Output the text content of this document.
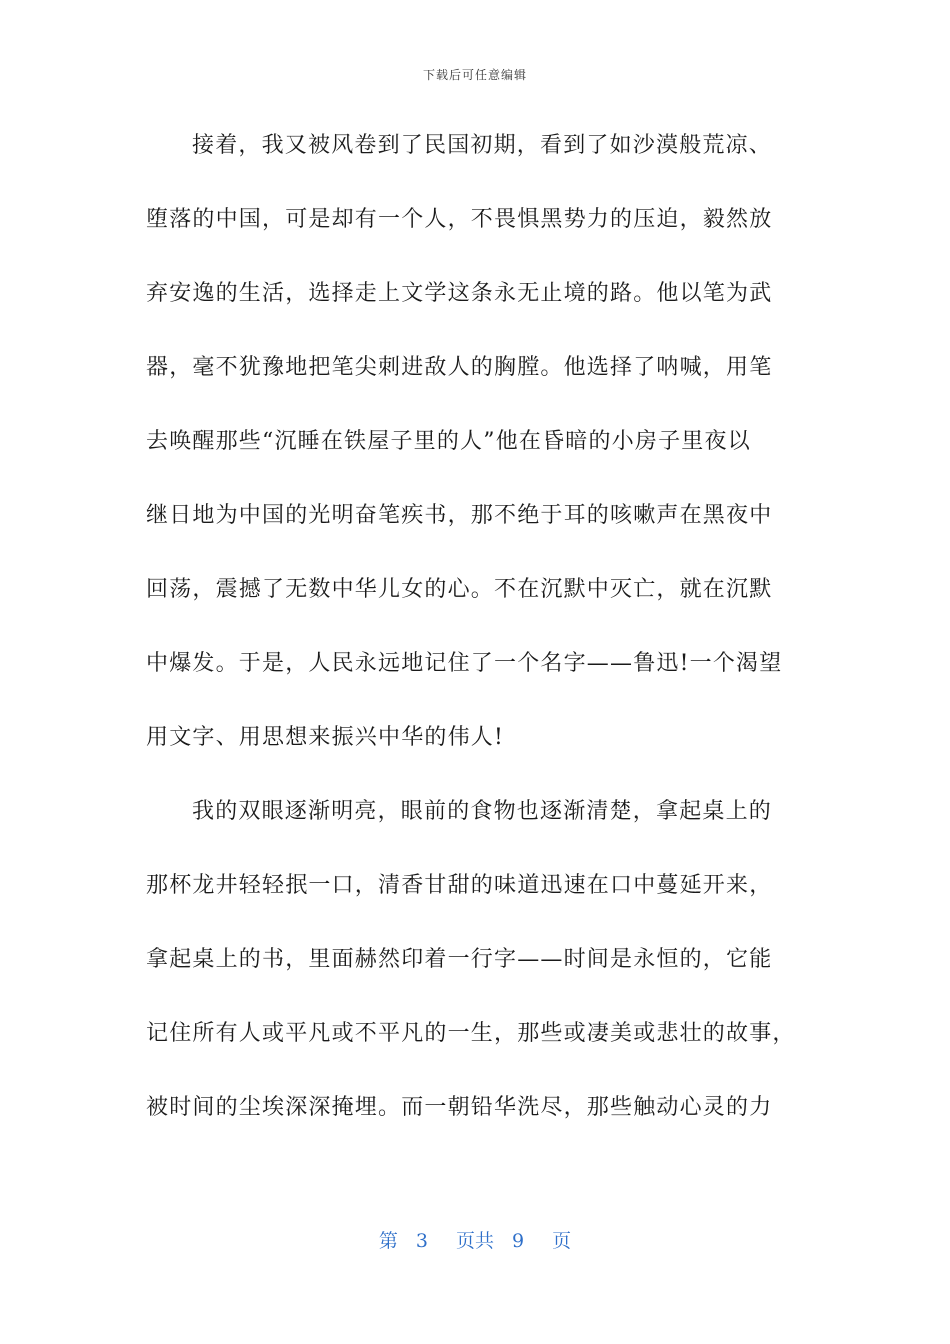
下载后可任意编辑
接着，我又被风卷到了民国初期，看到了如沙漠般荒凉、
堕落的中国，可是却有一个人，不畏惧黑势力的压迫，毅然放
弃安逸的生活，选择走上文学这条永无止境的路。他以笔为武
器，毫不犹豫地把笔尖刺进敌人的胸膛。他选择了呐喊，用笔
去唤醒那些“沉睡在铁屋子里的人”他在昏暗的小房子里夜以
继日地为中国的光明奋笔疾书，那不绝于耳的咳嗽声在黑夜中
回荡，震撼了无数中华儿女的心。不在沉默中灭亡，就在沉默
中爆发。于是，人民永远地记住了一个名字——鲁迅!一个渴望
用文字、用思想来振兴中华的伟人!
我的双眼逐渐明亮，眼前的食物也逐渐清楚，拿起桌上的
那杯龙井轻轻抿一口，清香甘甜的味道迅速在口中蔓延开来，
拿起桌上的书，里面赫然印着一行字——时间是永恒的，它能
记住所有人或平凡或不平凡的一生，那些或凄美或悲壮的故事，
被时间的尘埃深深掩埋。而一朝铅华洗尽，那些触动心灵的力
第 3 页共 9 页
